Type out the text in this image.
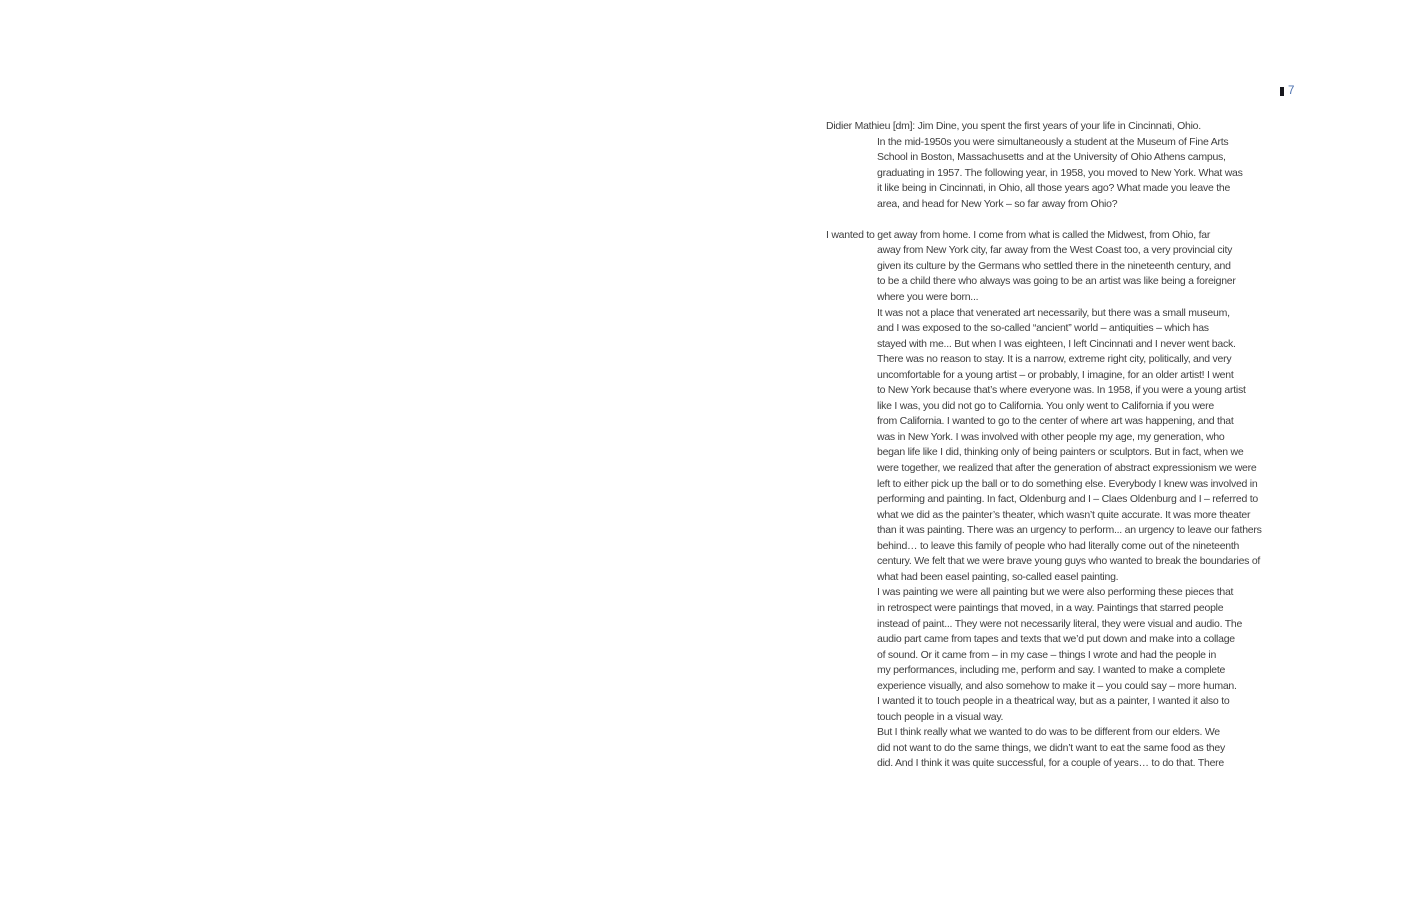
7
Didier Mathieu [dm]: Jim Dine, you spent the first years of your life in Cincinnati, Ohio.
In the mid-1950s you were simultaneously a student at the Museum of Fine Arts
School in Boston, Massachusetts and at the University of Ohio Athens campus,
graduating in 1957. The following year, in 1958, you moved to New York. What was
it like being in Cincinnati, in Ohio, all those years ago? What made you leave the
area, and head for New York – so far away from Ohio?
I wanted to get away from home. I come from what is called the Midwest, from Ohio, far
away from New York city, far away from the West Coast too, a very provincial city
given its culture by the Germans who settled there in the nineteenth century, and
to be a child there who always was going to be an artist was like being a foreigner
where you were born...
It was not a place that venerated art necessarily, but there was a small museum,
and I was exposed to the so-called “ancient” world – antiquities – which has
stayed with me... But when I was eighteen, I left Cincinnati and I never went back.
There was no reason to stay. It is a narrow, extreme right city, politically, and very
uncomfortable for a young artist – or probably, I imagine, for an older artist! I went
to New York because that’s where everyone was. In 1958, if you were a young artist
like I was, you did not go to California. You only went to California if you were
from California. I wanted to go to the center of where art was happening, and that
was in New York. I was involved with other people my age, my generation, who
began life like I did, thinking only of being painters or sculptors. But in fact, when we
were together, we realized that after the generation of abstract expressionism we were
left to either pick up the ball or to do something else. Everybody I knew was involved in
performing and painting. In fact, Oldenburg and I – Claes Oldenburg and I – referred to
what we did as the painter’s theater, which wasn’t quite accurate. It was more theater
than it was painting. There was an urgency to perform... an urgency to leave our fathers
behind… to leave this family of people who had literally come out of the nineteenth
century. We felt that we were brave young guys who wanted to break the boundaries of
what had been easel painting, so-called easel painting.
I was painting we were all painting but we were also performing these pieces that
in retrospect were paintings that moved, in a way. Paintings that starred people
instead of paint... They were not necessarily literal, they were visual and audio. The
audio part came from tapes and texts that we’d put down and make into a collage
of sound. Or it came from – in my case – things I wrote and had the people in
my performances, including me, perform and say. I wanted to make a complete
experience visually, and also somehow to make it – you could say – more human.
I wanted it to touch people in a theatrical way, but as a painter, I wanted it also to
touch people in a visual way.
But I think really what we wanted to do was to be different from our elders. We
did not want to do the same things, we didn’t want to eat the same food as they
did. And I think it was quite successful, for a couple of years… to do that. There
